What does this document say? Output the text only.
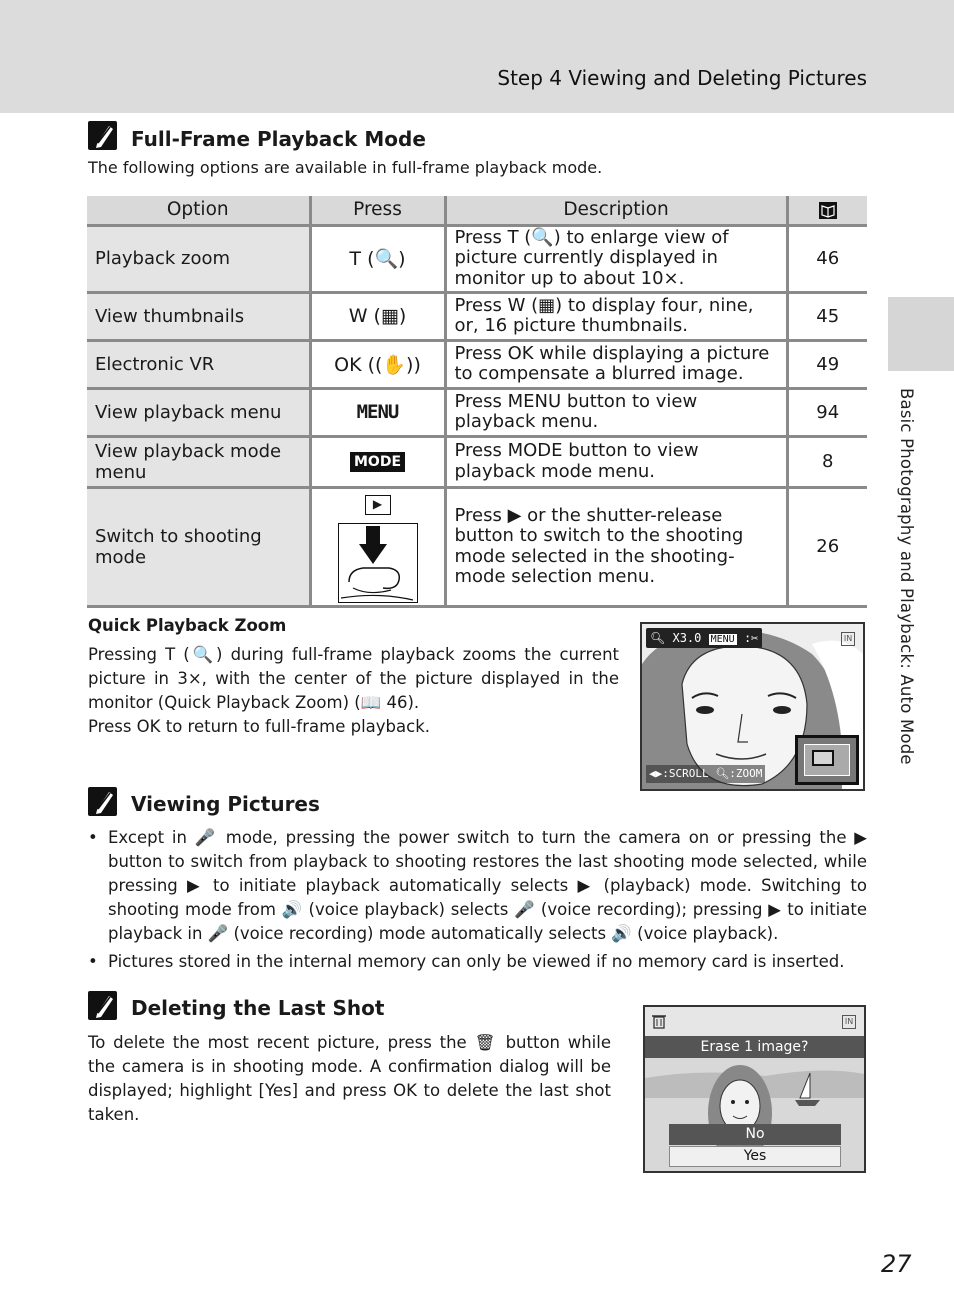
Step 4 Viewing and Deleting Pictures
Basic Photography and Playback: Auto Mode
Full-Frame Playback Mode
The following options are available in full-frame playback mode.
Option	Press	Description	
Playback zoom	T (🔍)	Press T (🔍) to enlarge view of picture currently displayed in monitor up to about 10×.	46
View thumbnails	W (▦)	Press W (▦) to display four, nine, or, 16 picture thumbnails.	45
Electronic VR	OK ((✋))	Press OK while displaying a picture to compensate a blurred image.	49
View playback menu	MENU	Press MENU button to view playback menu.	94
View playback mode menu	MODE	Press MODE button to view playback mode menu.	8
Switch to shooting mode	▶	Press ▶ or the shutter-release button to switch to the shooting mode selected in the shooting-mode selection menu.	26
Quick Playback Zoom

Pressing T (🔍) during full-frame playback zooms the current picture in 3×, with the center of the picture displayed in the monitor (Quick Playback Zoom) (📖 46).

Press OK to return to full-frame playback.

🔍︎ X3.0 MENU :✂	IN
◀▶:SCROLL 🔍︎:ZOOM
Viewing Pictures
• Except in 🎤 mode, pressing the power switch to turn the camera on or pressing the ▶ button to switch from playback to shooting restores the last shooting mode selected, while pressing ▶ to initiate playback automatically selects ▶ (playback) mode. Switching to shooting mode from 🔊 (voice playback) selects 🎤 (voice recording); pressing ▶ to initiate playback in 🎤 (voice recording) mode automatically selects 🔊 (voice playback).
• Pictures stored in the internal memory can only be viewed if no memory card is inserted.
Deleting the Last Shot
To delete the most recent picture, press the 🗑 button while the camera is in shooting mode. A confirmation dialog will be displayed; highlight [Yes] and press OK to delete the last shot taken.
IN
Erase 1 image?
No
Yes
27
